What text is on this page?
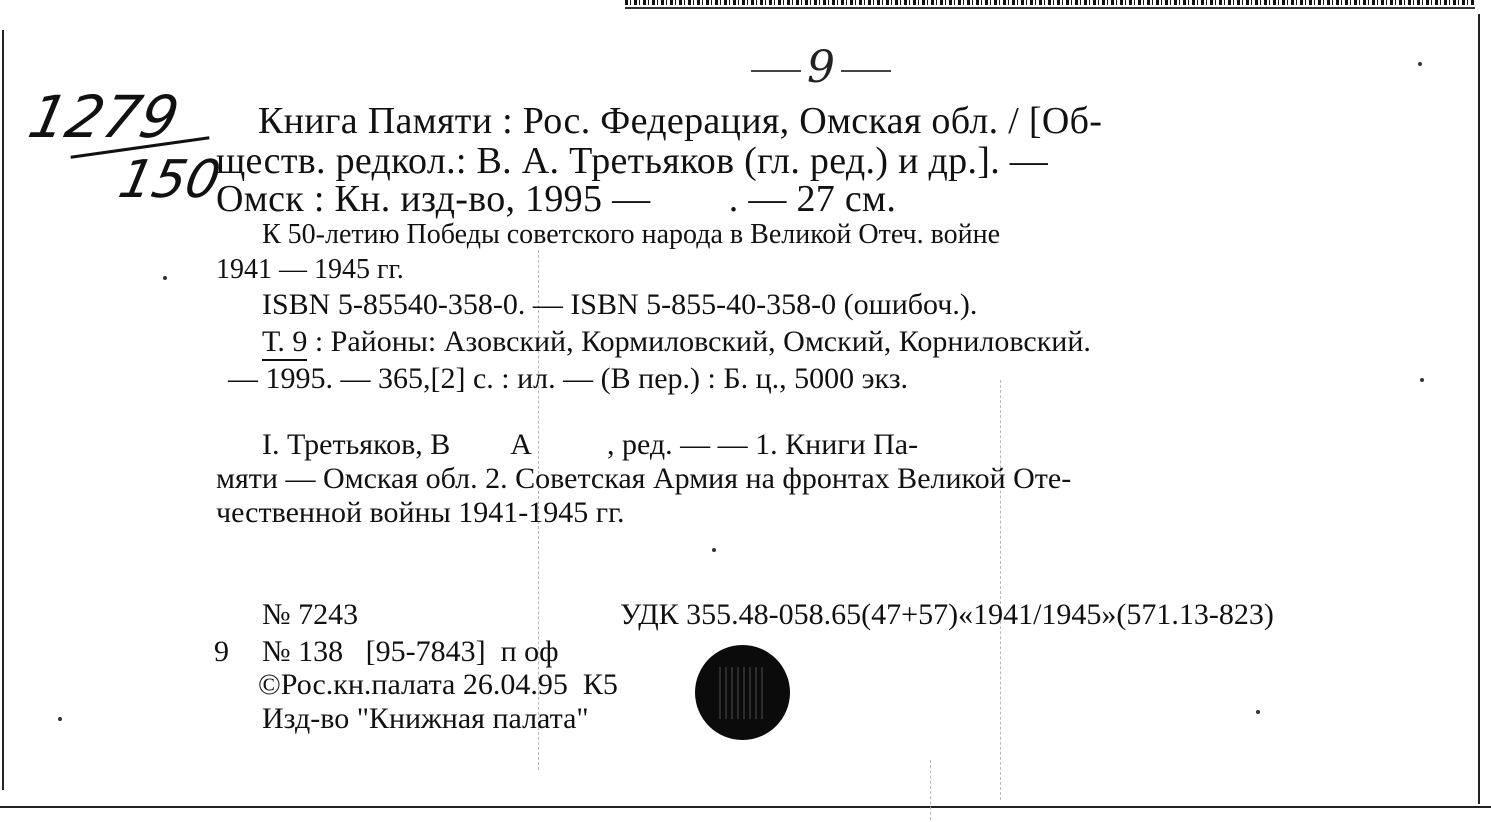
9
1279
150
Книга Памяти : Рос. Федерация, Омская обл. / [Об-
ществ. редкол.: В. А. Третьяков (гл. ред.) и др.]. —
Омск : Кн. изд-во, 1995 —        . — 27 см.
К 50-летию Победы советского народа в Великой Отеч. войне
1941 — 1945 гг.
ISBN 5-85540-358-0. — ISBN 5-855-40-358-0 (ошибоч.).
Т. 9 : Районы: Азовский, Кормиловский, Омский, Корниловский.
— 1995. — 365,[2] с. : ил. — (В пер.) : Б. ц., 5000 экз.
I. Третьяков, В        А          , ред. — — 1. Книги Па-
мяти — Омская обл. 2. Советская Армия на фронтах Великой Оте-
чественной войны 1941-1945 гг.
№ 7243	УДК 355.48-058.65(47+57)«1941/1945»(571.13-823)
9 № 138   [95-7843]  п оф
©Рос.кн.палата 26.04.95  К5
Изд-во "Книжная палата"
